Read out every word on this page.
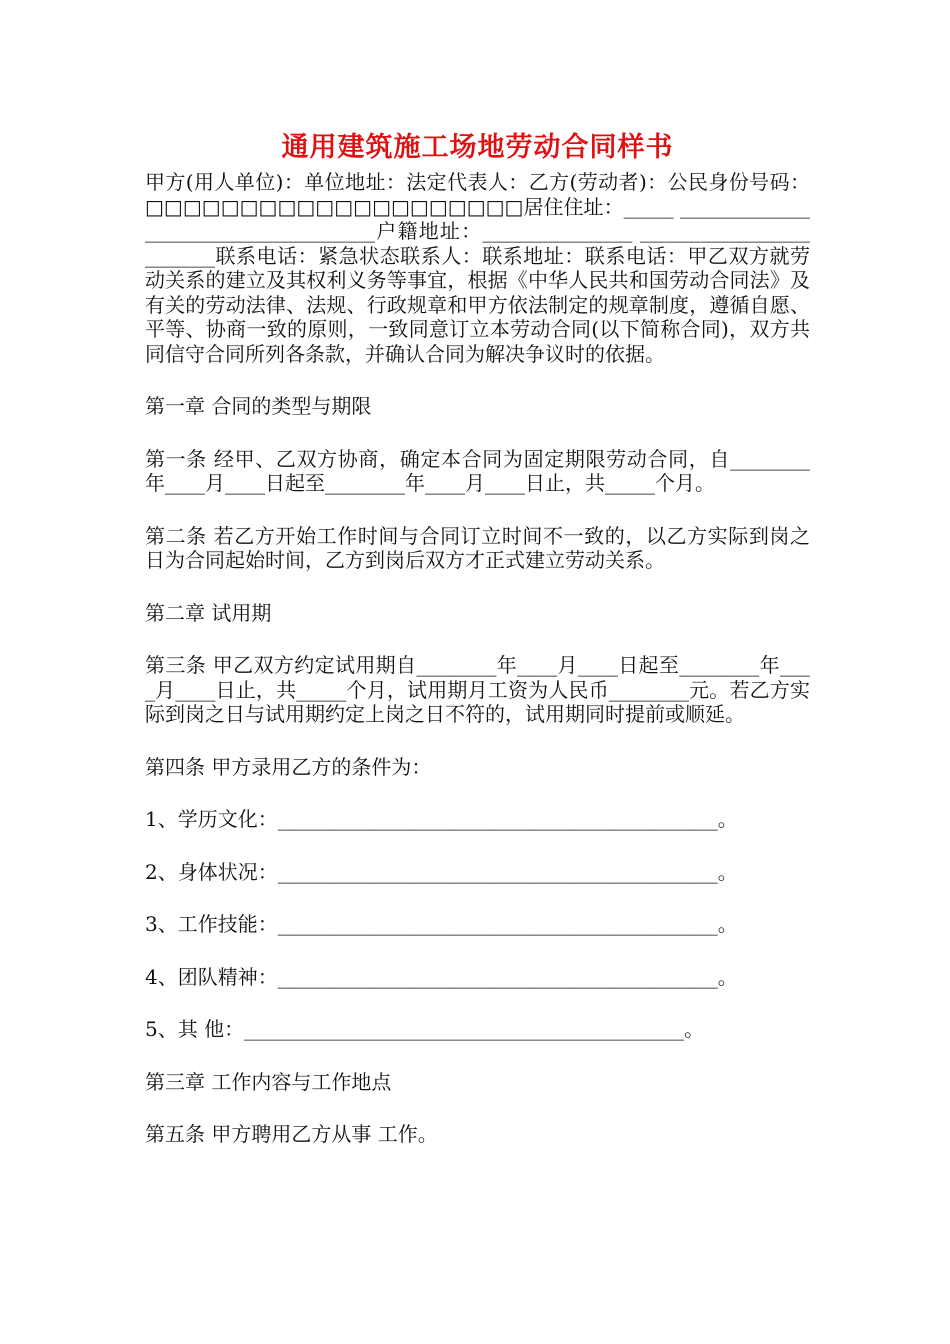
通用建筑施工场地劳动合同样书

甲方(用人单位)：单位地址：法定代表人：乙方(劳动者)：公民身份号码：□□□□□□□□□□□□□□□□□□□□居住住址：_____ ____________________________________户籍地址：_______________ ________________________联系电话：紧急状态联系人：联系地址：联系电话：甲乙双方就劳动关系的建立及其权利义务等事宜，根据《中华人民共和国劳动合同法》及有关的劳动法律、法规、行政规章和甲方依法制定的规章制度，遵循自愿、平等、协商一致的原则，一致同意订立本劳动合同(以下简称合同)，双方共同信守合同所列各条款，并确认合同为解决争议时的依据。

第一章 合同的类型与期限

第一条 经甲、乙双方协商，确定本合同为固定期限劳动合同，自________年____月____日起至________年____月____日止，共_____个月。

第二条 若乙方开始工作时间与合同订立时间不一致的，以乙方实际到岗之日为合同起始时间，乙方到岗后双方才正式建立劳动关系。

第二章 试用期

第三条 甲乙双方约定试用期自________年____月____日起至________年____月____日止，共_____个月，试用期月工资为人民币________元。若乙方实际到岗之日与试用期约定上岗之日不符的，试用期同时提前或顺延。

第四条 甲方录用乙方的条件为：

1、学历文化：____________________________________________。

2、身体状况：____________________________________________。

3、工作技能：____________________________________________。

4、团队精神：____________________________________________。

5、其 他：____________________________________________。

第三章 工作内容与工作地点

第五条 甲方聘用乙方从事 工作。
